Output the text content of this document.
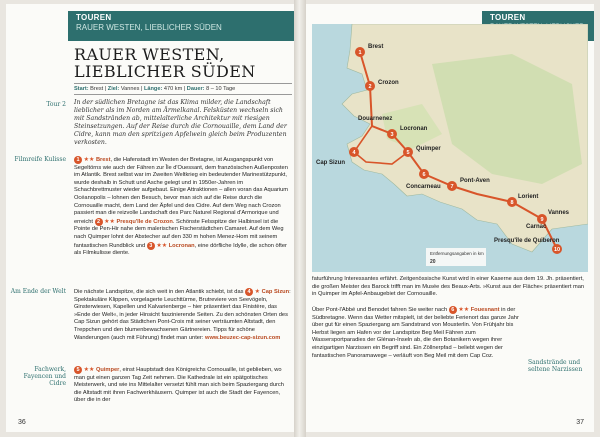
TOUREN
RAUER WESTEN, LIEBLICHER SÜDEN
RAUER WESTEN, LIEBLICHER SÜDEN
Start: Brest | Ziel: Vannes | Länge: 470 km | Dauer: 8 – 10 Tage
Tour 2 In der südlichen Bretagne ist das Klima milder, die Landschaft lieblicher als im Norden am Ärmelkanal. Felsküsten wechseln sich mit Sandstränden ab, mittelalterliche Architektur mit riesigen Steinsetzungen. Auf der Reise durch die Cornouaille, dem Land der Cidre, kann man den spritzigen Apfelwein gleich beim Produzenten verkosten.
Filmreife Kulisse	1 ★★ Brest, die Hafenstadt im Westen der Bretagne, ist Ausgangspunkt von Segeltörns wie auch der Fähren zur Île d'Ouessant, dem französischen Außenposten im Atlantik. Brest selbst war im Zweiten Weltkrieg ein bedeutender Marinestützpunkt, wurde deshalb in Schutt und Asche gelegt und in 1950er-Jahren im Schachbrettmuster wieder aufgebaut. Einige Attraktionen – allen voran das Aquarium Océanopolis – lohnen den Besuch, bevor man sich auf die Reise durch die Cornouaille macht, dem Land der Äpfel und des Cidre. Auf dem Weg nach Crozon passiert man die reizvolle Landschaft des Parc Naturel Regional d'Armorique und erreicht 2 ★★ Presqu'île de Crozon. Schönste Felsspitze der Halbinsel ist die Pointe de Pen-Hir nahe dem malerischen Fischerstädtchen Camaret. Auf dem Weg nach Quimper lohnt der Abstecher auf den 330 m hohen Menez-Hom mit seinem fantastischen Rundblick und 3 ★★ Locronan, eine dörfliche Idylle, die schon öfter als Filmkulisse diente.
Am Ende der Welt Die nächste Landspitze, die sich weit in den Atlantik schiebt, ist das 4 ★ Cap Sizun: Spektakuläre Klippen, vorgelagerte Leuchttürme, Brutreviere von Seevögeln, Ginsterwiesen, Kapellen und Kalvarienberge – hier präsentiert das Finistère, das »Ende der Welt«, in jeder Hinsicht faszinierende Seiten. Zu den schönsten Orten des Cap Sizun gehört das Städtchen Pont-Croix mit seiner verträumten Altstadt, den Treppchen und den blumenbewachsenen Gärtnereien. Tipps für schöne Wanderungen (auch mit Führung) findet man unter: www.beuzec-cap-sizun.com
Fachwerk, Fayencen und Cidre
5 ★★ Quimper, einst Hauptstadt des Königreichs Cornouaille, ist geblieben, wo man gut einen ganzen Tag Zeit nehmen. Die Kathedrale ist ein spätgotisches Meisterwerk, und wie ins Mittelalter versetzt fühlt man sich beim Spaziergang durch die Altstadt mit ihren Fachwerkhäusern. Quimper ist auch die Stadt der Fayencen, über die in der
36
TOUREN
1
2
3
4	5
6
7
8
9
10
Brest
Crozon
Locronan
Quimper
Pont-Aven
Concarneau
Lorient
Presqu'île de Quiberon
Cap Sizun
Douarnenez
Vannes
Carnac
Entfernungsangaben in km
20
faturführung Interessantes erfährt. Zeitgenössische Kunst wird in einer Kaserne aus dem 19. Jh. präsentiert, die großen Meister des Barock trifft man im Musée des Beaux-Arts. »Kunst aus der Fläche« präsentiert man in Quimper im Apfel-Anbaugebiet der Cornouaille.
Über Pont-l'Abbé und Benodet fahren Sie weiter nach 6 ★★ Fouesnant in der Südbretagne. Wenn das Wetter mitspielt, ist der beliebte Ferienort das ganze Jahr über gut für einen Spaziergang am Sandstrand von Mousterlin. Von Frühjahr bis Herbst liegen am Hafen vor der Landspitze Beg Meil Fähren zum Wassersportparadies der Glénan-Inseln ab, die den Botanikern wegen ihrer einzigartigen Narzissen ein Begriff sind. Ein Zöllnerpfad – beliebt wegen der fantastischen Panoramawege – verläuft von Beg Meil mit dem Cap Coz.
Sandstrände und seltene Narzissen
37
